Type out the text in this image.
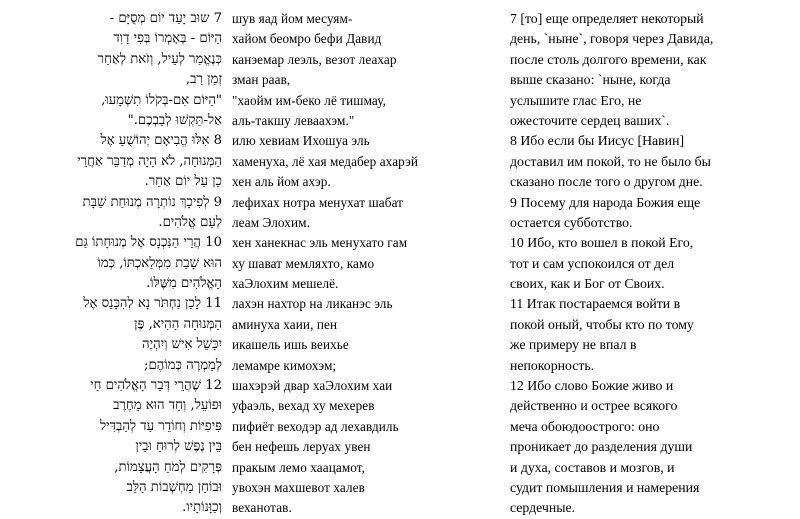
7 שוּב יָעַד יוֹם מְסֻיָּם -
הַיּוֹם - בְּאָמְרוֹ בְּפִי דָוִד
כְּנֶאֱמַר לְעֵיל, וְזֹאת לְאַחַר
זְמַן רַב,
"הַיּוֹם אִם-בְּקֹלוֹ תִשְׁמָעוּ,
אַל-תַּקְשׁוּ לְבַבְכֶם."
8 אִלּוּ הֱבִיאָם יְהוֹשֻׁעַ אֶל
הַמְּנוּחָה, לֹא הָיָה מְדַבֵּר אַחֲרֵי
כֵן עַל יוֹם אַחֵר.
9 לְפִיכָךְ נוֹתְרָה מְנוּחַת שַׁבָּת
לְעַם אֱלֹהִים.
10 הֲרֵי הַנִּכְנָס אֶל מְנוּחָתוֹ גַּם
הוּא שָׁבַת מִמְּלַאכְתּוֹ, כְּמוֹ
הָאֱלֹהִים מִשֶּׁלּוֹ.
11 לָכֵן נַחְתֹּר נָא לְהִכָּנֵס אֶל
הַמְּנוּחָה הַהִיא, פֶּן
יִכָּשֵׁל אִישׁ וְיִהְיֶה
לְמַמְרֶה כְּמוֹהֶם;
12 שֶׁהֲרֵי דְּבַר הָאֱלֹהִים חַי
וּפוֹעֵל, וְחַד הוּא מֵחֶרֶב
פִּיפִיּוֹת וְחוֹדֵר עַד לְהַבְדִּיל
בֵּין נֶפֶשׁ לְרוּחַ וּבֵין
פְּרָקִים לְמֹחַ הָעֲצָמוֹת,
וּבוֹחֵן מַחְשְׁבוֹת הַלֵּב
וְכַוָּנוֹתָיו.
шув яад йом месуям-
хайом беомро бефи Давид
канэемар леэль, везот леахар
зман раав,
"хаойм им-беко лё тишмау,
аль-такшу леваахэм."
илю хевиам Ихошуа эль
хаменуха, лё хая медабер ахарэй
хен аль йом ахэр.
лефихах нотра менухат шабат
леам Элохим.
хен ханекнас эль менухато гам
ху шават мемляхто, камо
хаЭлохим мешелё.
лахэн нахтор на ликанэс эль
аминуха хаии, пен
икашель ишь веихье
лемамре кимохэм;
шахэрэй двар хаЭлохим хаи
уфаэль, вехад ху мехерев
пифиёт веходэр ад лехавдиль
бен нефешь леруах увен
пракым лемо хаацамот,
увохэн махшевот халев
веханотав.
7 [то] еще определяет некоторый
день, `ныне`, говоря через Давида,
после столь долгого времени, как
выше сказано: `ныне, когда
услышите глас Его, не
ожесточите сердец ваших`.
8 Ибо если бы Иисус [Навин]
доставил им покой, то не было бы
сказано после того о другом дне.
9 Посему для народа Божия еще
остается субботство.
10 Ибо, кто вошел в покой Его,
тот и сам успокоился от дел
своих, как и Бог от Своих.
11 Итак постараемся войти в
покой оный, чтобы кто по тому
же примеру не впал в
непокорность.
12 Ибо слово Божие живо и
действенно и острее всякого
меча обоюдоострого: оно
проникает до разделения души
и духа, составов и мозгов, и
судит помышления и намерения
сердечные.
